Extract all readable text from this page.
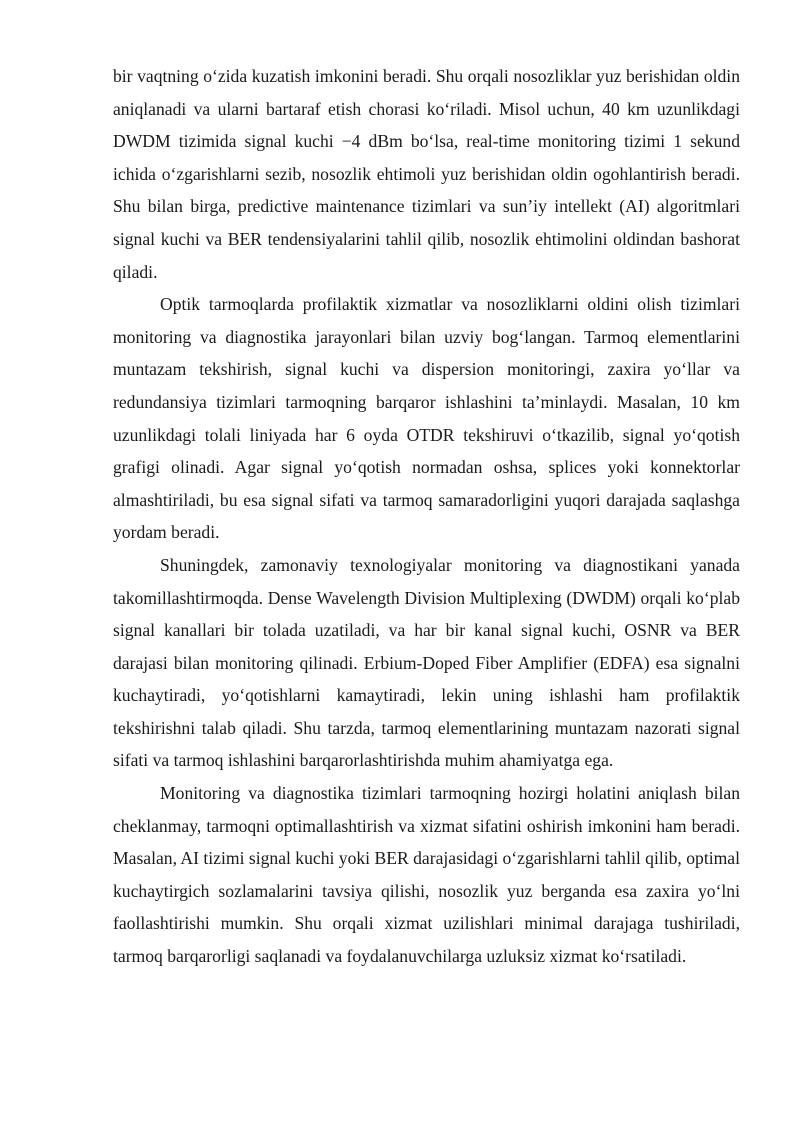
bir vaqtning o‘zida kuzatish imkonini beradi. Shu orqali nosozliklar yuz berishidan oldin aniqlanadi va ularni bartaraf etish chorasi ko‘riladi. Misol uchun, 40 km uzunlikdagi DWDM tizimida signal kuchi −4 dBm bo‘lsa, real-time monitoring tizimi 1 sekund ichida o‘zgarishlarni sezib, nosozlik ehtimoli yuz berishidan oldin ogohlantirish beradi. Shu bilan birga, predictive maintenance tizimlari va sun’iy intellekt (AI) algoritmlari signal kuchi va BER tendensiyalarini tahlil qilib, nosozlik ehtimolini oldindan bashorat qiladi.

Optik tarmoqlarda profilaktik xizmatlar va nosozliklarni oldini olish tizimlari monitoring va diagnostika jarayonlari bilan uzviy bog‘langan. Tarmoq elementlarini muntazam tekshirish, signal kuchi va dispersion monitoringi, zaxira yo‘llar va redundansiya tizimlari tarmoqning barqaror ishlashini ta’minlaydi. Masalan, 10 km uzunlikdagi tolali liniyada har 6 oyda OTDR tekshiruvi o‘tkazilib, signal yo‘qotish grafigi olinadi. Agar signal yo‘qotish normadan oshsa, splices yoki konnektorlar almashtiriladi, bu esa signal sifati va tarmoq samaradorligini yuqori darajada saqlashga yordam beradi.

Shuningdek, zamonaviy texnologiyalar monitoring va diagnostikani yanada takomillashtirmoqda. Dense Wavelength Division Multiplexing (DWDM) orqali ko‘plab signal kanallari bir tolada uzatiladi, va har bir kanal signal kuchi, OSNR va BER darajasi bilan monitoring qilinadi. Erbium-Doped Fiber Amplifier (EDFA) esa signalni kuchaytiradi, yo‘qotishlarni kamaytiradi, lekin uning ishlashi ham profilaktik tekshirishni talab qiladi. Shu tarzda, tarmoq elementlarining muntazam nazorati signal sifati va tarmoq ishlashini barqarorlashtirishda muhim ahamiyatga ega.

Monitoring va diagnostika tizimlari tarmoqning hozirgi holatini aniqlash bilan cheklanmay, tarmoqni optimallashtirish va xizmat sifatini oshirish imkonini ham beradi. Masalan, AI tizimi signal kuchi yoki BER darajasidagi o‘zgarishlarni tahlil qilib, optimal kuchaytirgich sozlamalarini tavsiya qilishi, nosozlik yuz berganda esa zaxira yo‘lni faollashtirishi mumkin. Shu orqali xizmat uzilishlari minimal darajaga tushiriladi, tarmoq barqarorligi saqlanadi va foydalanuvchilarga uzluksiz xizmat ko‘rsatiladi.
